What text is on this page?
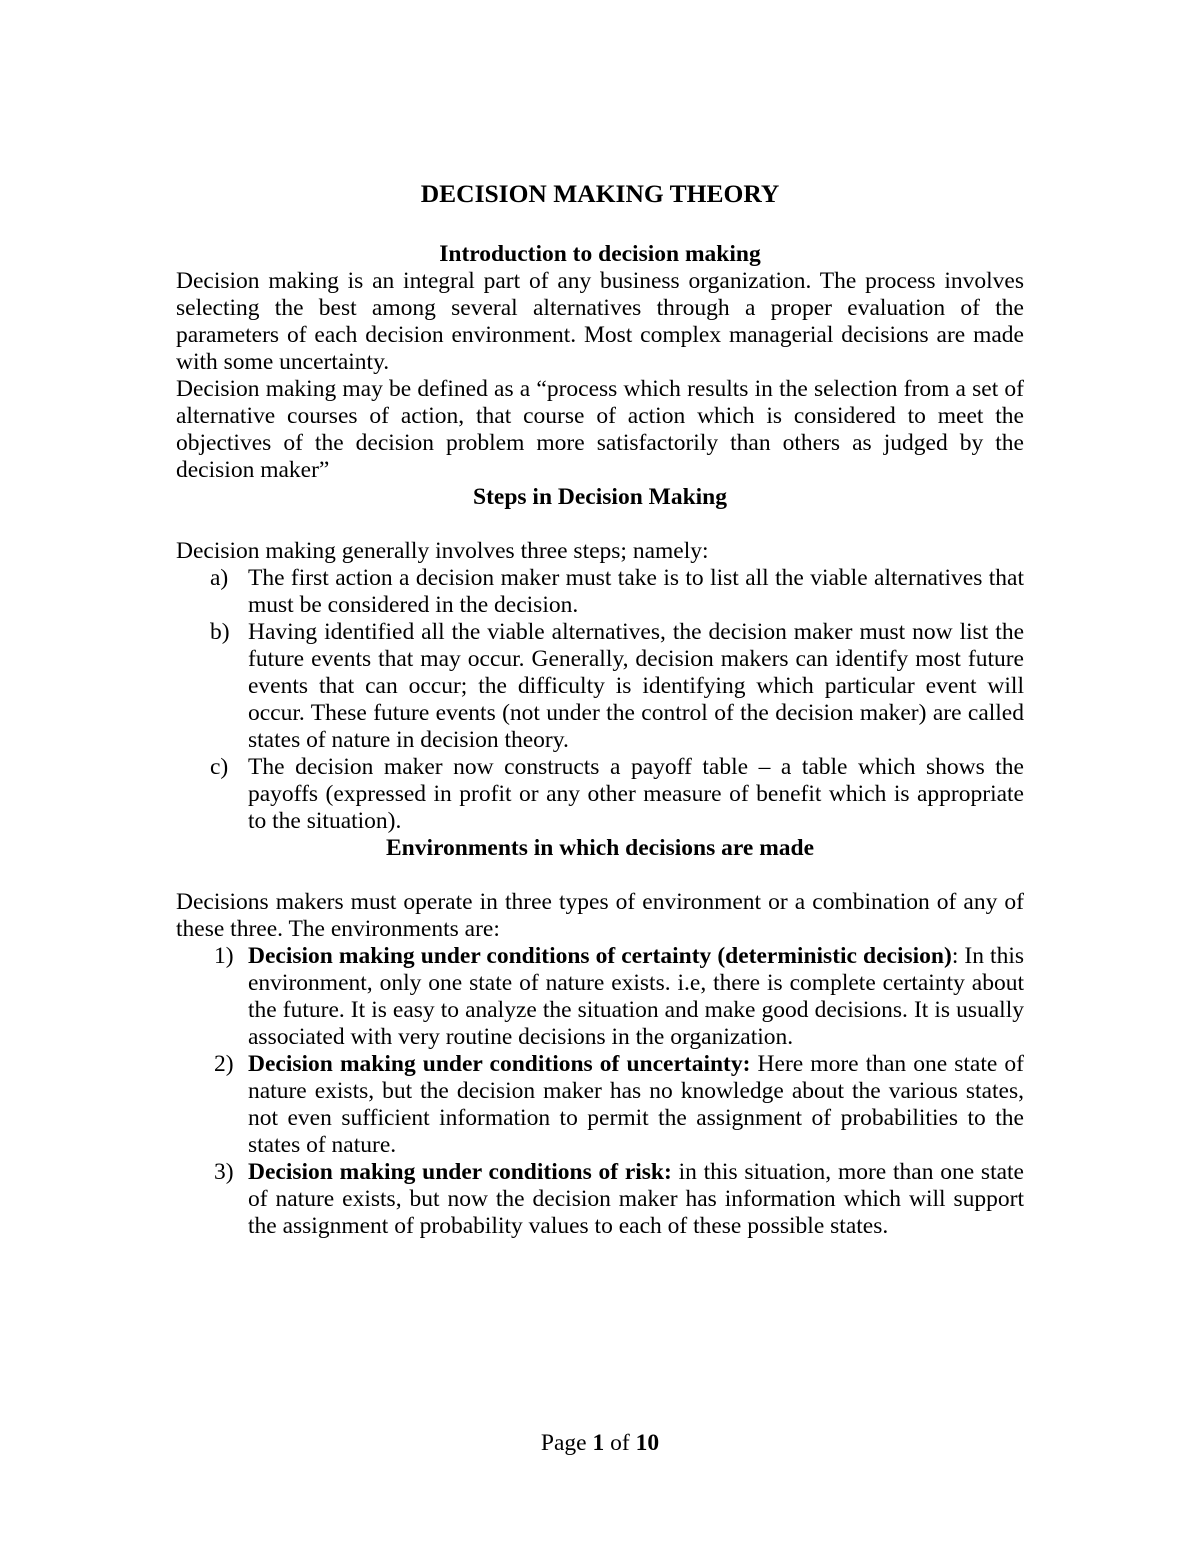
DECISION MAKING THEORY

Introduction to decision making

Decision making is an integral part of any business organization. The process involves selecting the best among several alternatives through a proper evaluation of the parameters of each decision environment. Most complex managerial decisions are made with some uncertainty.

Decision making may be defined as a “process which results in the selection from a set of alternative courses of action, that course of action which is considered to meet the objectives of the decision problem more satisfactorily than others as judged by the decision maker”

Steps in Decision Making

Decision making generally involves three steps; namely:

a) The first action a decision maker must take is to list all the viable alternatives that must be considered in the decision.
b) Having identified all the viable alternatives, the decision maker must now list the future events that may occur. Generally, decision makers can identify most future events that can occur; the difficulty is identifying which particular event will occur. These future events (not under the control of the decision maker) are called states of nature in decision theory.
c) The decision maker now constructs a payoff table – a table which shows the payoffs (expressed in profit or any other measure of benefit which is appropriate to the situation).

Environments in which decisions are made

Decisions makers must operate in three types of environment or a combination of any of these three. The environments are:

1) Decision making under conditions of certainty (deterministic decision): In this environment, only one state of nature exists. i.e, there is complete certainty about the future. It is easy to analyze the situation and make good decisions. It is usually associated with very routine decisions in the organization.
2) Decision making under conditions of uncertainty: Here more than one state of nature exists, but the decision maker has no knowledge about the various states, not even sufficient information to permit the assignment of probabilities to the states of nature.
3) Decision making under conditions of risk: in this situation, more than one state of nature exists, but now the decision maker has information which will support the assignment of probability values to each of these possible states.
Page 1 of 10
